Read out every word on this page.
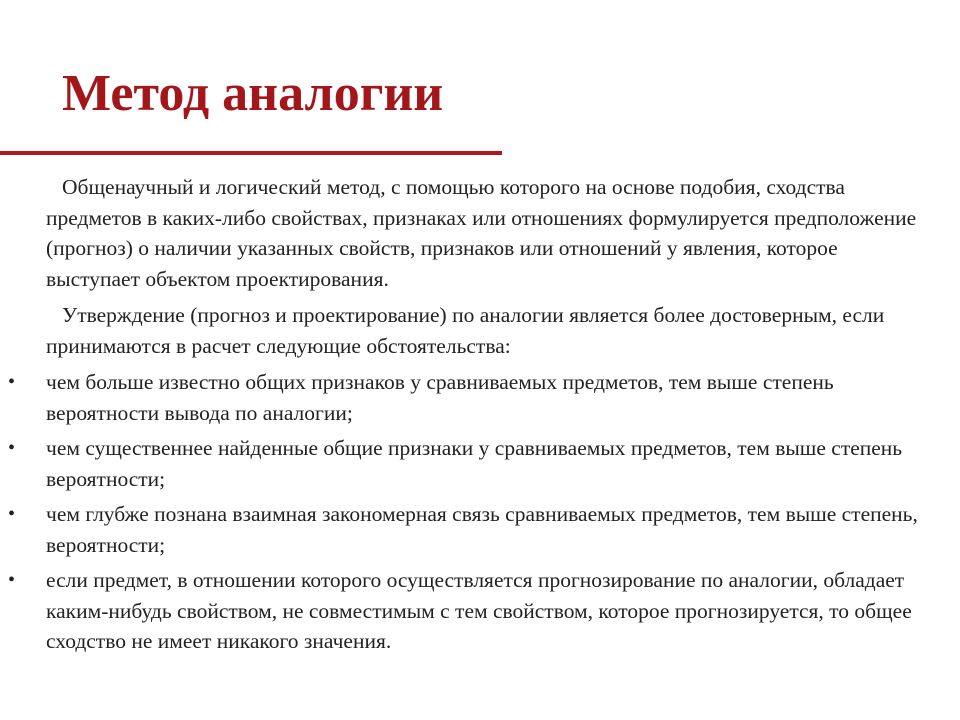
Метод аналогии

Общенаучный и логический метод, с помощью которого на основе подобия, сходства предметов в каких-либо свойствах, признаках или отношениях формулируется предположение (прогноз) о наличии указанных свойств, признаков или отношений у явления, которое выступает объектом проектирования.

Утверждение (прогноз и проектирование) по аналогии является более достоверным, если принимаются в расчет следующие обстоятельства:

• чем больше известно общих признаков у сравниваемых предметов, тем выше степень вероятности вывода по аналогии;
• чем существеннее найденные общие признаки у сравниваемых предметов, тем выше степень вероятности;
• чем глубже познана взаимная закономерная связь сравниваемых предметов, тем выше степень, вероятности;
• если предмет, в отношении которого осуществляется прогнозирование по аналогии, обладает каким-нибудь свойством, не совместимым с тем свойством, которое прогнозируется, то общее сходство не имеет никакого значения.
